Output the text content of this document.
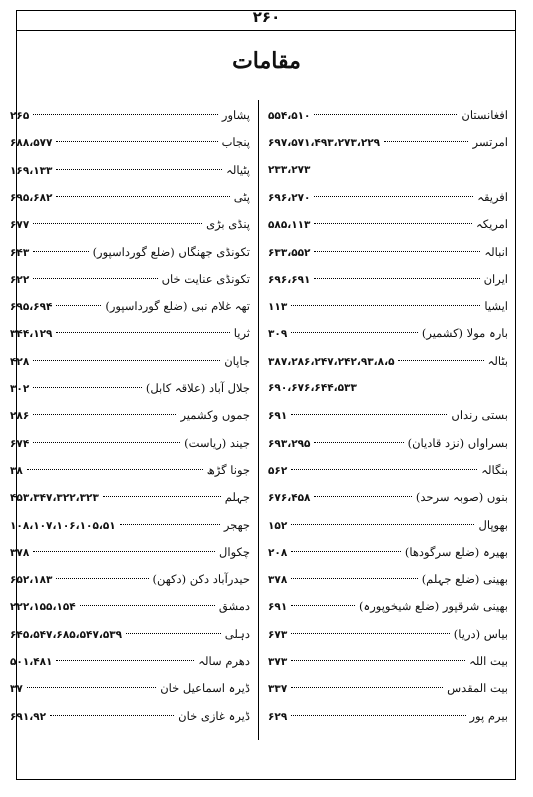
۲۶۰
مقامات
افغانستان
۵۵۴،۵۱۰
امرتسر
۶۹۷،۵۷۱،۴۹۳،۲۷۳،۲۲۹
۲۳۳،۲۷۳
افریقہ
۶۹۶،۲۷۰
امریکہ
۵۸۵،۱۱۳
انبالہ
۶۳۳،۵۵۲
ایران
۶۹۶،۶۹۱
ایشیا
۱۱۳
بارہ مولا (کشمیر)
۳۰۹
بٹالہ
۳۸۷،۲۸۶،۲۴۷،۲۴۲،۹۳،۸،۵
۶۹۰،۶۷۶،۶۴۴،۵۳۳
بستی رنداں
۶۹۱
بسراواں (نزد قادیان)
۶۹۳،۲۹۵
بنگالہ
۵۶۲
بنوں (صوبہ سرحد)
۶۷۶،۴۵۸
بھوپال
۱۵۲
بھیرہ (ضلع سرگودھا)
۲۰۸
بھینی (ضلع جہلم)
۳۷۸
بھینی شرقپور (ضلع شیخوپورہ)
۶۹۱
بیاس (دریا)
۶۷۳
بیت اللہ
۳۷۳
بیت المقدس
۳۳۷
بیرم پور
۶۲۹
پشاور
۲۶۵
پنجاب
۶۸۸،۵۷۷
پٹیالہ
۱۶۹،۱۳۳
پٹی
۶۹۵،۶۸۲
پنڈی بڑی
۶۷۷
تکونڈی جھنگاں (ضلع گورداسپور)
۶۴۳
تکونڈی عنایت خاں
۶۲۲
تھہ غلام نبی (ضلع گورداسپور)
۶۹۵،۶۹۴
ثریا
۳۴۴،۱۲۹
جاپان
۴۲۸
جلال آباد (علاقہ کابل)
۳۰۲
جموں وکشمیر
۲۸۶
جیند (ریاست)
۶۷۴
جونا گڑھ
۳۸
جہلم
۴۵۳،۳۴۷،۳۲۲،۳۲۳
جھجر
۱۰۸،۱۰۷،۱۰۶،۱۰۵،۵۱
چکوال
۳۷۸
حیدرآباد دکن (دکھن)
۶۵۲،۱۸۳
دمشق
۲۲۲،۱۵۵،۱۵۴
دہلی
۶۴۵،۵۴۷،۶۸۵،۵۴۷،۵۳۹
دھرم سالہ
۵۰۱،۴۸۱
ڈیرہ اسماعیل خان
۳۷
ڈیرہ غازی خان
۶۹۱،۹۲
